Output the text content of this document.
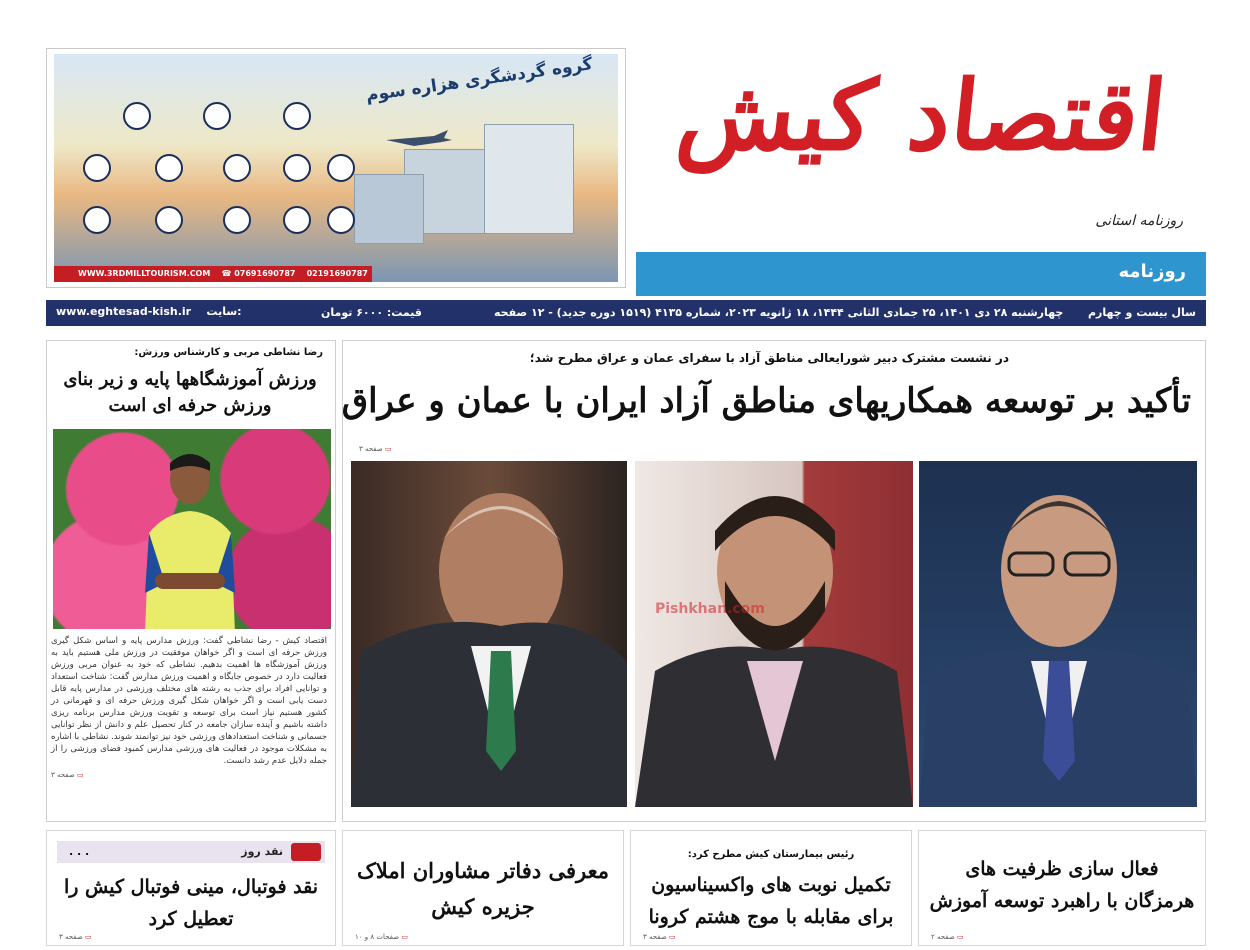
گروه گردشگری هزاره سوم
WWW.3RDMILLTOURISM.COM ☎ 07691690787 02191690787
اقتصاد کیش
روزنامه استانی
روزنامه
www.eghtesad-kish.ir سایت:	قیمت: ۶۰۰۰ تومان	چهارشنبه ۲۸ دی ۱۴۰۱، ۲۵ جمادی الثانی ۱۴۴۴، ۱۸ ژانویه ۲۰۲۳، شماره ۴۱۳۵ (۱۵۱۹ دوره جدید) - ۱۲ صفحه سال بیست و چهارم
رضا نشاطی مربی و کارشناس ورزش:
ورزش آموزشگاهها پایه و زیر بنای ورزش حرفه ای است
اقتصاد کیش - رضا نشاطی گفت: ورزش مدارس پایه و اساس شکل گیری ورزش حرفه ای است و اگر خواهان موفقیت در ورزش ملی هستیم باید به ورزش آموزشگاه ها اهمیت بدهیم. نشاطی که خود به عنوان مربی ورزش فعالیت دارد در خصوص جایگاه و اهمیت ورزش مدارس گفت: شناخت استعداد و توانایی افراد برای جذب به رشته های مختلف ورزشی در مدارس پایه قابل دست یابی است و اگر خواهان شکل گیری ورزش حرفه ای و قهرمانی در کشور هستیم نیاز است برای توسعه و تقویت ورزش مدارس برنامه ریزی داشته باشیم و آینده سازان جامعه در کنار تحصیل علم و دانش از نظر توانایی جسمانی و شناخت استعدادهای ورزشی خود نیز توانمند شوند. نشاطی با اشاره به مشکلات موجود در فعالیت های ورزشی مدارس کمبود فضای ورزشی را از جمله دلایل عدم رشد دانست.
▭ صفحه ۳
در نشست مشترک دبیر شورایعالی مناطق آزاد با سفرای عمان و عراق مطرح شد؛
تأکید بر توسعه همکاریهای مناطق آزاد ایران با عمان و عراق
▭ صفحه ۳
Pishkhan.com
نقد روز
. . .
نقد فوتبال، مینی فوتبال کیش را تعطیل کرد
▭ صفحه ۳
معرفی دفاتر مشاوران املاک جزیره کیش
▭ صفحات ۸ و ۱۰
رئیس بیمارستان کیش مطرح کرد:
تکمیل نوبت های واکسیناسیون برای مقابله با موج هشتم کرونا
▭ صفحه ۳
فعال سازی ظرفیت های هرمزگان با راهبرد توسعه آموزش
▭ صفحه ۲
